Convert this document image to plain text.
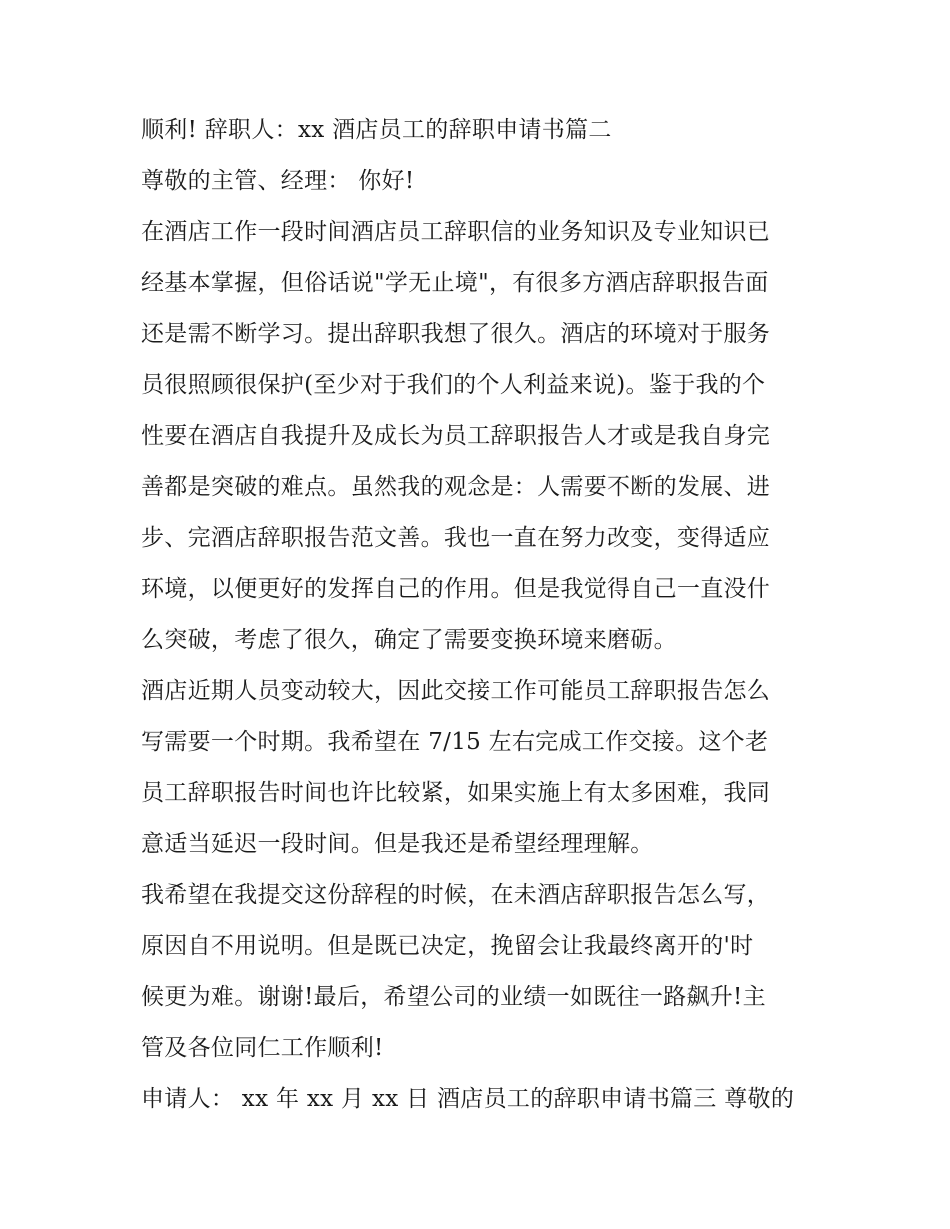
顺利! 辞职人：xx 酒店员工的辞职申请书篇二
尊敬的主管、经理： 你好!
在酒店工作一段时间酒店员工辞职信的业务知识及专业知识已
经基本掌握，但俗话说"学无止境"，有很多方酒店辞职报告面
还是需不断学习。提出辞职我想了很久。酒店的环境对于服务
员很照顾很保护(至少对于我们的个人利益来说)。鉴于我的个
性要在酒店自我提升及成长为员工辞职报告人才或是我自身完
善都是突破的难点。虽然我的观念是：人需要不断的发展、进
步、完酒店辞职报告范文善。我也一直在努力改变，变得适应
环境，以便更好的发挥自己的作用。但是我觉得自己一直没什
么突破，考虑了很久，确定了需要变换环境来磨砺。
酒店近期人员变动较大，因此交接工作可能员工辞职报告怎么
写需要一个时期。我希望在 7/15 左右完成工作交接。这个老
员工辞职报告时间也许比较紧，如果实施上有太多困难，我同
意适当延迟一段时间。但是我还是希望经理理解。
我希望在我提交这份辞程的时候，在未酒店辞职报告怎么写，
原因自不用说明。但是既已决定，挽留会让我最终离开的'时
候更为难。谢谢!最后，希望公司的业绩一如既往一路飙升!主
管及各位同仁工作顺利!
申请人： xx 年 xx 月 xx 日 酒店员工的辞职申请书篇三 尊敬的
